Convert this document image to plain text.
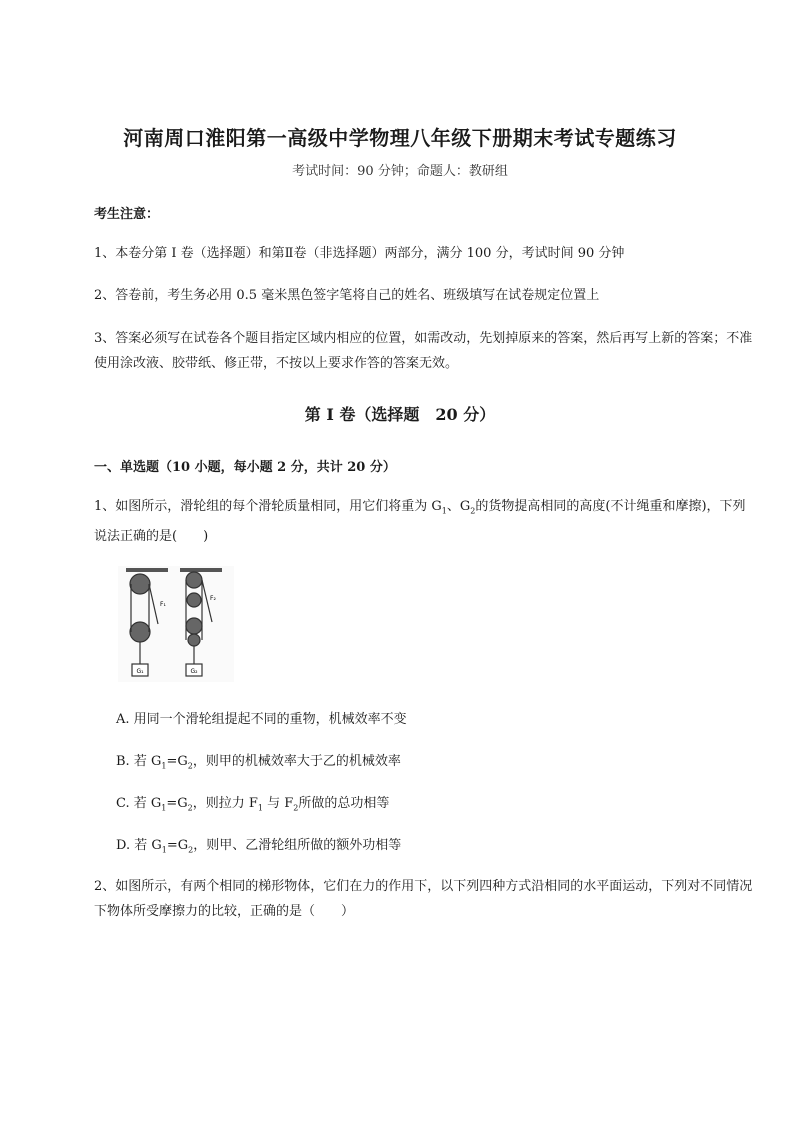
河南周口淮阳第一高级中学物理八年级下册期末考试专题练习
考试时间：90 分钟；命题人：教研组
考生注意：
1、本卷分第 I 卷（选择题）和第Ⅱ卷（非选择题）两部分，满分 100 分，考试时间 90 分钟
2、答卷前，考生务必用 0.5 毫米黑色签字笔将自己的姓名、班级填写在试卷规定位置上
3、答案必须写在试卷各个题目指定区域内相应的位置，如需改动，先划掉原来的答案，然后再写上新的答案；不准使用涂改液、胶带纸、修正带，不按以上要求作答的答案无效。
第 I 卷（选择题　20 分）
一、单选题（10 小题，每小题 2 分，共计 20 分）
1、如图所示，滑轮组的每个滑轮质量相同，用它们将重为 $G_1$、$G_2$的货物提高相同的高度(不计绳重和摩擦)，下列说法正确的是(　　)
G₁	G₂
F₁
F₂
A. 用同一个滑轮组提起不同的重物，机械效率不变
B. 若 $G_1=G_2$，则甲的机械效率大于乙的机械效率
C. 若 $G_1=G_2$，则拉力 $F_1$ 与 $F_2$所做的总功相等
D. 若 $G_1=G_2$，则甲、乙滑轮组所做的额外功相等
2、如图所示，有两个相同的梯形物体，它们在力的作用下，以下列四种方式沿相同的水平面运动，下列对不同情况下物体所受摩擦力的比较，正确的是（　　）
